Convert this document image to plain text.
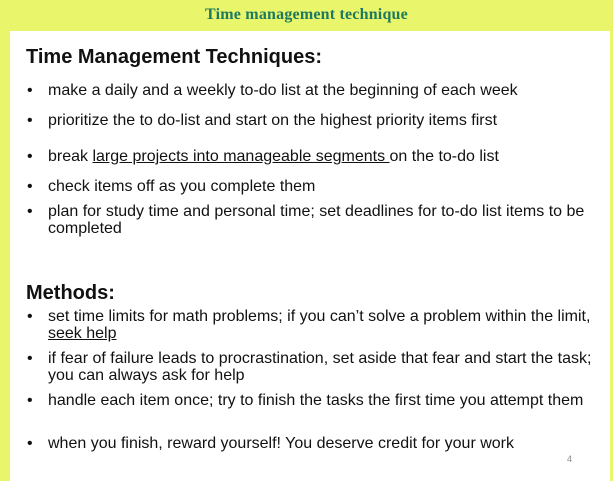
Time management technique
Time Management Techniques:
• make a daily and a weekly to-do list at the beginning of each week
• prioritize the to do-list and start on the highest priority items first
• break large projects into manageable segments on the to-do list
• check items off as you complete them
• plan for study time and personal time; set deadlines for to-do list items to be completed
Methods:
• set time limits for math problems; if you can’t solve a problem within the limit, seek help
• if fear of failure leads to procrastination, set aside that fear and start the task; you can always ask for help
• handle each item once; try to finish the tasks the first time you attempt them
• when you finish, reward yourself! You deserve credit for your work
4
